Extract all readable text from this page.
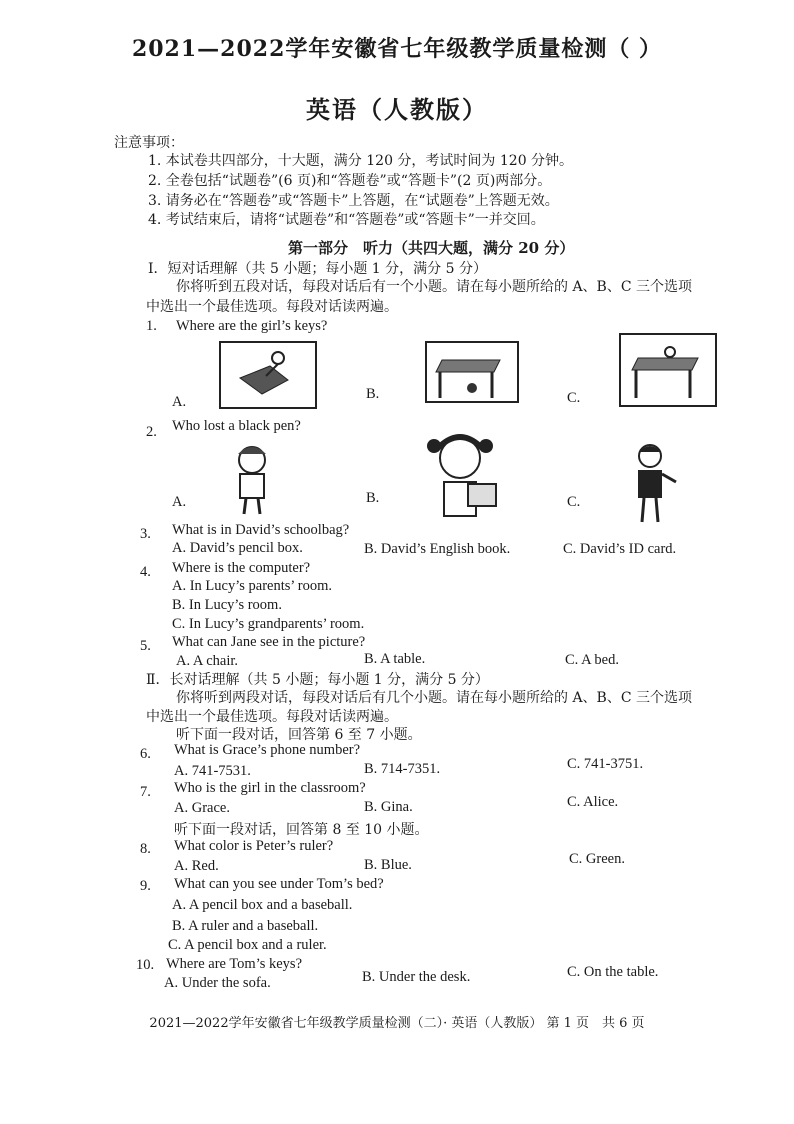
2021—2022学年安徽省七年级教学质量检测（ ）
英语（人教版）
注意事项：
1. 本试卷共四部分，十大题，满分 120 分，考试时间为 120 分钟。
2. 全卷包括“试题卷”(6 页)和“答题卷”或“答题卡”(2 页)两部分。
3. 请务必在“答题卷”或“答题卡”上答题，在“试题卷”上答题无效。
4. 考试结束后，请将“试题卷”和“答题卷”或“答题卡”一并交回。
第一部分　听力（共四大题，满分 20 分）
Ⅰ．短对话理解（共 5 小题；每小题 1 分，满分 5 分）
你将听到五段对话，每段对话后有一个小题。请在每小题所给的 A、B、C 三个选项
中选出一个最佳选项。每段对话读两遍。
1. Where are the girl’s keys?
A.	B.	C.
2. Who lost a black pen?
A.	B.	C.
3. What is in David’s schoolbag?
A. David’s pencil box.	B. David’s English book.	C. David’s ID card.
4. Where is the computer?
A. In Lucy’s parents’ room.
B. In Lucy’s room.
C. In Lucy’s grandparents’ room.
5. What can Jane see in the picture?
A. A chair.	B. A table.	C. A bed.
Ⅱ．长对话理解（共 5 小题；每小题 1 分，满分 5 分）
你将听到两段对话，每段对话后有几个小题。请在每小题所给的 A、B、C 三个选项
中选出一个最佳选项。每段对话读两遍。
听下面一段对话，回答第 6 至 7 小题。
6. What is Grace’s phone number?
A. 741-7531.	B. 714-7351.	C. 741-3751.
7. Who is the girl in the classroom?
A. Grace.	B. Gina.	C. Alice.
听下面一段对话，回答第 8 至 10 小题。
8. What color is Peter’s ruler?
A. Red.	B. Blue.	C. Green.
9. What can you see under Tom’s bed?
A. A pencil box and a baseball.
B. A ruler and a baseball.
C. A pencil box and a ruler.
10. Where are Tom’s keys?
A. Under the sofa.	B. Under the desk.	C. On the table.
2021—2022学年安徽省七年级教学质量检测（二）· 英语（人教版） 第 1 页　共 6 页
